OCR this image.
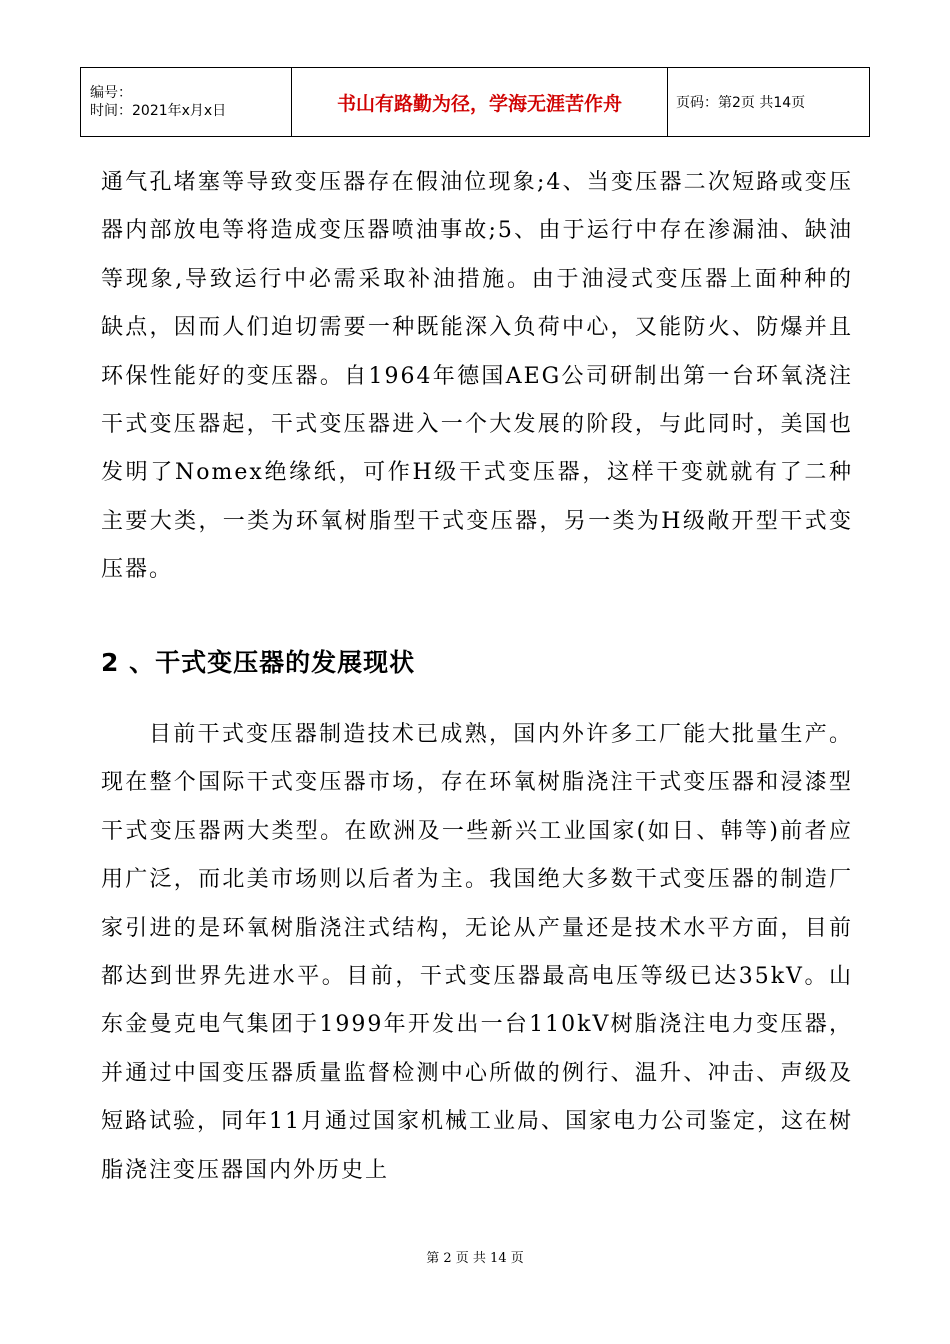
编号：
时间：2021年x月x日	书山有路勤为径，学海无涯苦作舟	页码：第2页 共14页

通气孔堵塞等导致变压器存在假油位现象;4、当变压器二次短路或变压器内部放电等将造成变压器喷油事故;5、由于运行中存在渗漏油、缺油等现象,导致运行中必需采取补油措施。由于油浸式变压器上面种种的缺点，因而人们迫切需要一种既能深入负荷中心，又能防火、防爆并且环保性能好的变压器。自1964年德国AEG公司研制出第一台环氧浇注干式变压器起，干式变压器进入一个大发展的阶段，与此同时，美国也发明了Nomex绝缘纸，可作H级干式变压器，这样干变就就有了二种主要大类，一类为环氧树脂型干式变压器，另一类为H级敞开型干式变压器。

2 、干式变压器的发展现状

目前干式变压器制造技术已成熟，国内外许多工厂能大批量生产。现在整个国际干式变压器市场，存在环氧树脂浇注干式变压器和浸漆型干式变压器两大类型。在欧洲及一些新兴工业国家(如日、韩等)前者应用广泛，而北美市场则以后者为主。我国绝大多数干式变压器的制造厂家引进的是环氧树脂浇注式结构，无论从产量还是技术水平方面，目前都达到世界先进水平。目前，干式变压器最高电压等级已达35kV。山东金曼克电气集团于1999年开发出一台110kV树脂浇注电力变压器，并通过中国变压器质量监督检测中心所做的例行、温升、冲击、声级及短路试验，同年11月通过国家机械工业局、国家电力公司鉴定，这在树脂浇注变压器国内外历史上

第 2 页 共 14 页
